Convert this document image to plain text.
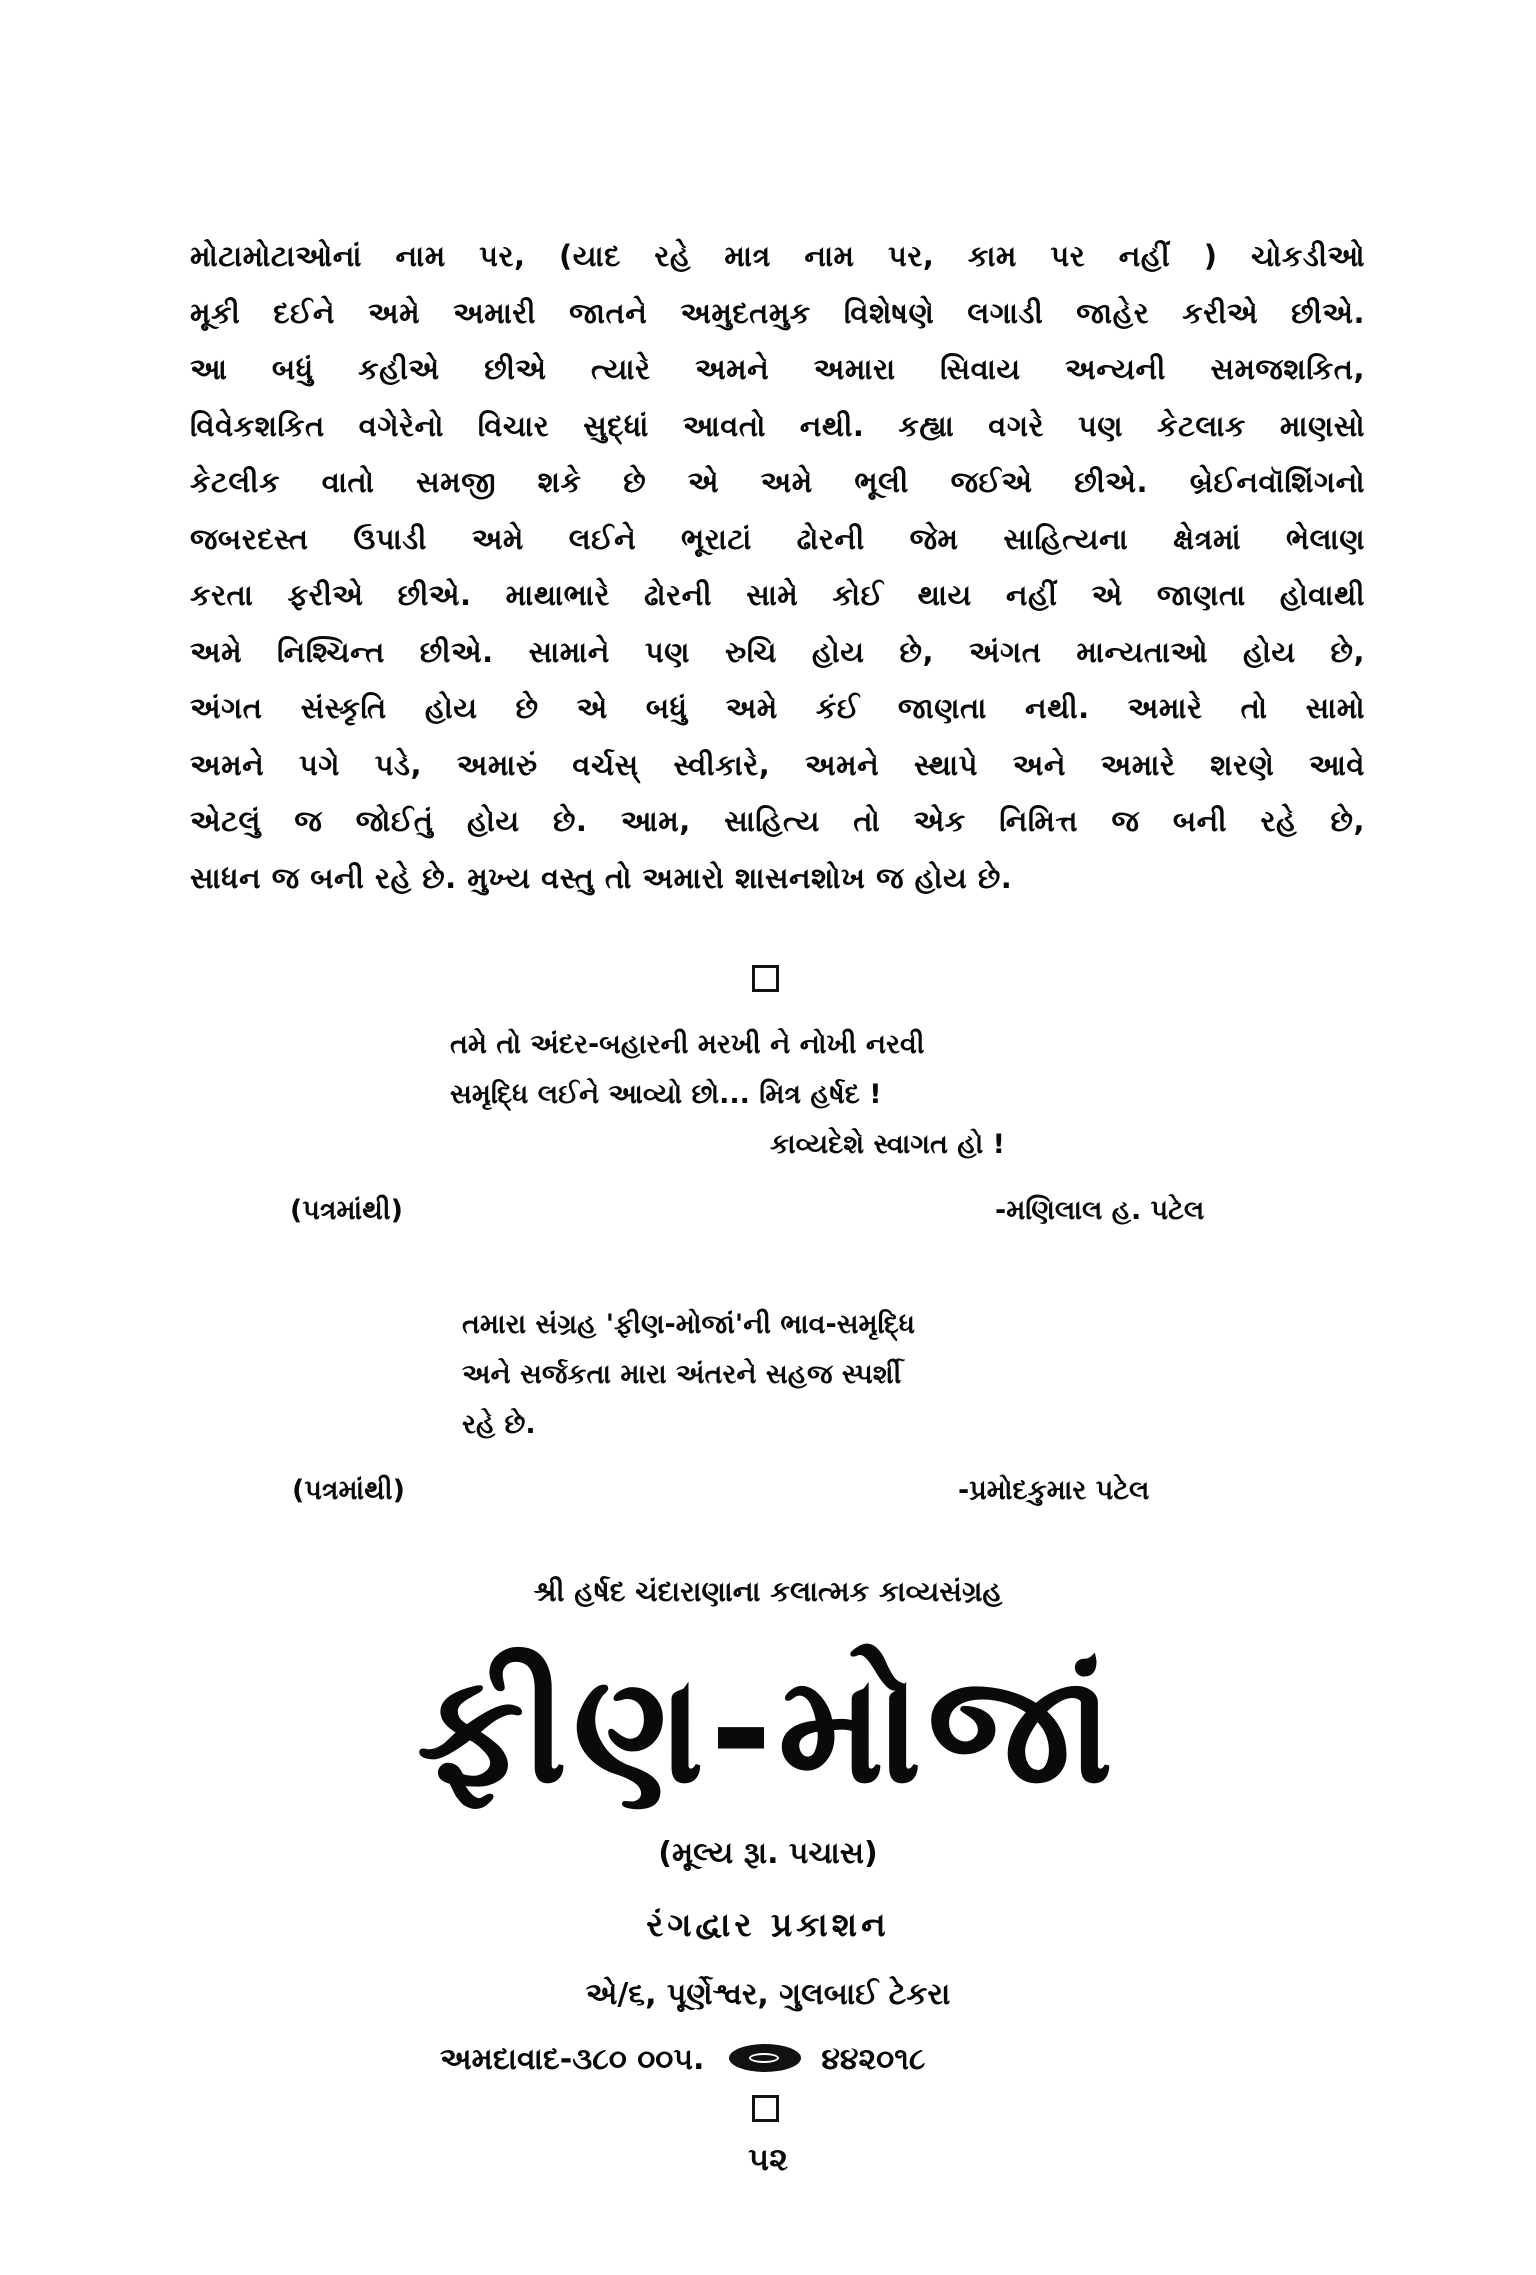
મોટામોટાઓનાં નામ પર, (યાદ રહે માત્ર નામ પર, કામ પર નહીં ) ચોકડીઓ
મૂકી દઈને અમે અમારી જાતને અમુદતમુક વિશેષણે લગાડી જાહેર કરીએ છીએ.
આ બધું કહીએ છીએ ત્યારે અમને અમારા સિવાય અન્યની સમજશકિત,
વિવેકશકિત વગેરેનો વિચાર સુદ્ધાં આવતો નથી. કહ્યા વગરે પણ કેટલાક માણસો
કેટલીક વાતો સમજી શકે છે એ અમે ભૂલી જઈએ છીએ. બ્રેઈનવૉશિંગનો
જબરદસ્ત ઉપાડી અમે લઈને ભૂરાટાં ઢોરની જેમ સાહિત્યના ક્ષેત્રમાં ભેલાણ
કરતા ફરીએ છીએ. માથાભારે ઢોરની સામે કોઈ થાય નહીં એ જાણતા હોવાથી
અમે નિશ્ચિન્ત છીએ. સામાને પણ રુચિ હોય છે, અંગત માન્યતાઓ હોય છે,
અંગત સંસ્કૃતિ હોય છે એ બધું અમે કંઈ જાણતા નથી. અમારે તો સામો
અમને પગે પડે, અમારું વર્ચસ્ સ્વીકારે, અમને સ્થાપે અને અમારે શરણે આવે
એટલું જ જોઈતું હોય છે. આમ, સાહિત્ય તો એક નિમિત્ત જ બની રહે છે,
સાધન જ બની રહે છે. મુખ્ય વસ્તુ તો અમારો શાસનશોખ જ હોય છે.
તમે તો અંદર-બહારની મરખી ને નોખી નરવી
સમૃદ્ધિ લઈને આવ્યો છો... મિત્ર હર્ષદ !
કાવ્યદેશે સ્વાગત હો !
(પત્રમાંથી)	-મણિલાલ હ. પટેલ
તમારા સંગ્રહ 'ફીણ-મોજાં'ની ભાવ-સમૃદ્ધિ
અને સર્જકતા મારા અંતરને સહજ સ્પર્શી
રહે છે.
(પત્રમાંથી)	-પ્રમોદકુમાર પટેલ
શ્રી હર્ષદ ચંદારાણાના કલાત્મક કાવ્યસંગ્રહ
ફીણ-મોજાં
(મૂલ્ય રૂા. પચાસ)
રંગદ્વાર પ્રકાશન
એ/૬, પૂર્ણેશ્વર, ગુલબાઈ ટેકરા
અમદાવાદ-૩૮૦ ૦૦૫.	૪૪૨૦૧૮
૫૨
